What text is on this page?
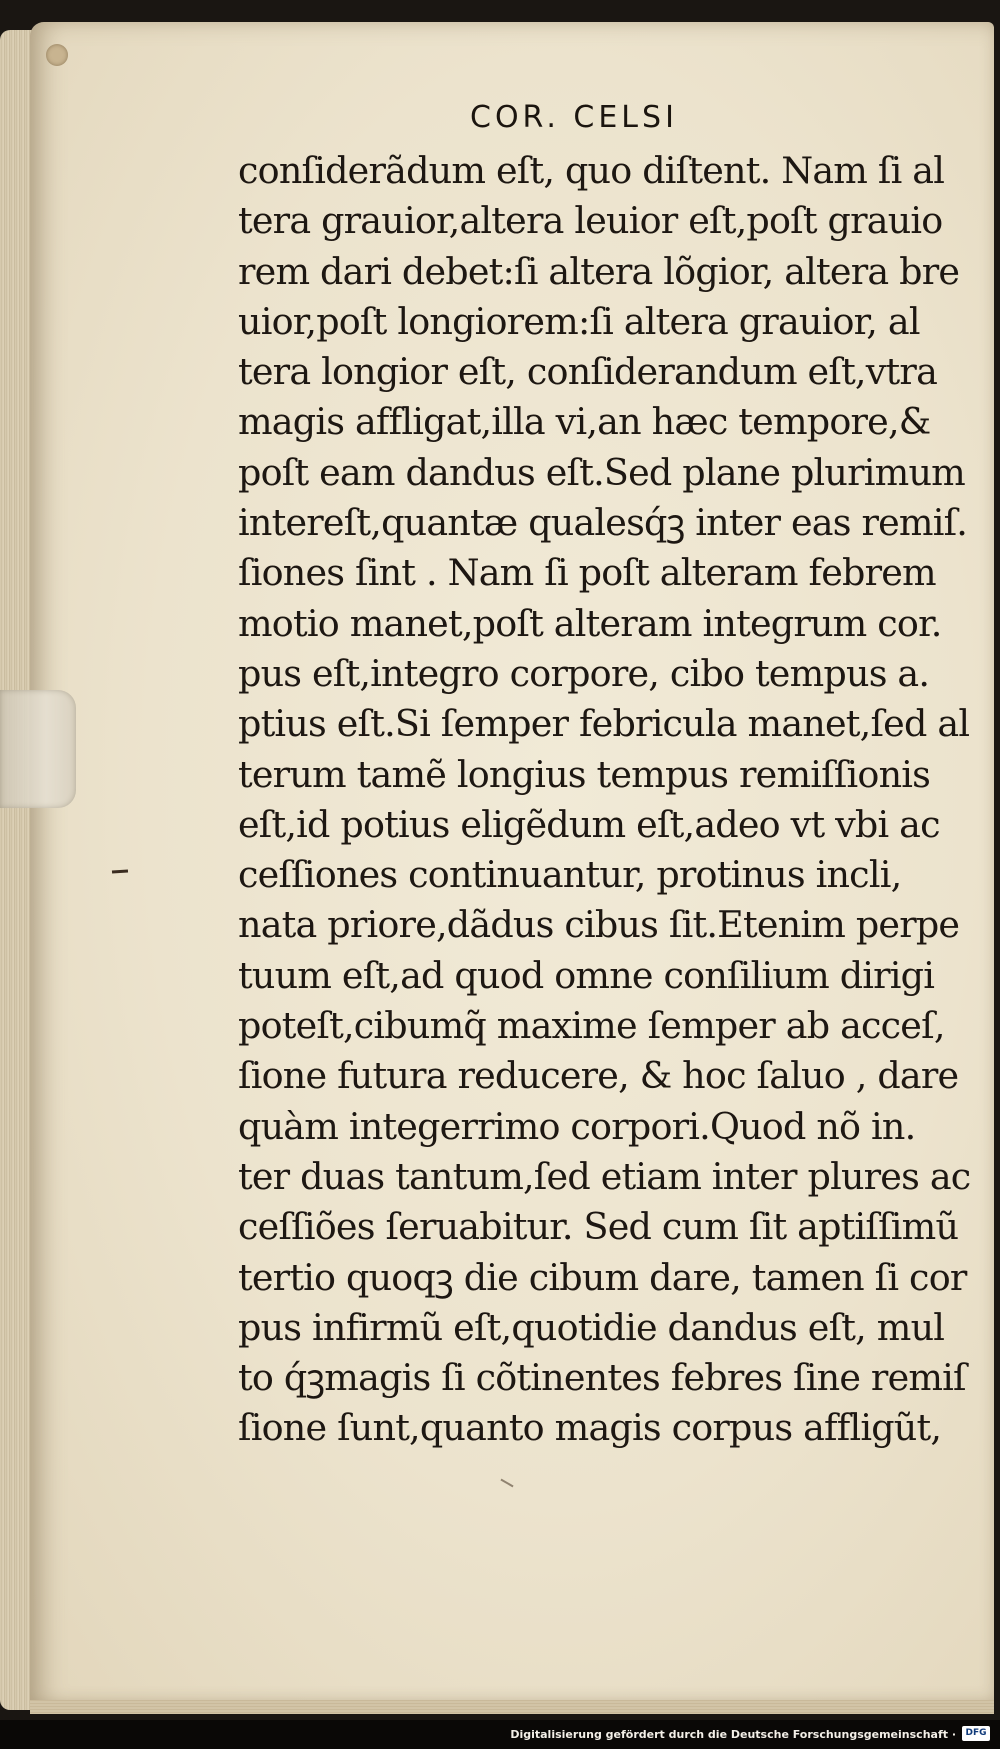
COR. CELSI
conſiderãdum eſt, quo diſtent. Nam ſi al
tera grauior,altera leuior eſt,poſt grauio
rem dari debet:ſi altera lõgior, altera bre
uior,poſt longiorem:ſi altera grauior, al
tera longior eſt, conſiderandum eſt,vtra
magis affligat,illa vi,an hæc tempore,&
poſt eam dandus eſt.Sed plane plurimum
intereſt,quantæ qualesq́ꝫ inter eas remiſ.
ſiones ſint . Nam ſi poſt alteram febrem
motio manet,poſt alteram integrum cor.
pus eſt,integro corpore, cibo tempus a.
ptius eſt.Si ſemper febricula manet,ſed al
terum tamẽ longius tempus remiſſionis
eſt,id potius eligẽdum eſt,adeo vt vbi ac
ceſſiones continuantur, protinus incli,
nata priore,dãdus cibus ſit.Etenim perpe
tuum eſt,ad quod omne conſilium dirigi
poteſt,cibumq̃ maxime ſemper ab acceſ,
ſione futura reducere, & hoc ſaluo , dare
quàm integerrimo corpori.Quod nõ in.
ter duas tantum,ſed etiam inter plures ac
ceſſiões ſeruabitur. Sed cum ſit aptiſſimũ
tertio quoqꝫ die cibum dare, tamen ſi cor
pus infirmũ eſt,quotidie dandus eſt, mul
to q́ꝫmagis ſi cõtinentes febres ſine remiſ
ſione ſunt,quanto magis corpus affligũt,
Digitalisierung gefördert durch die Deutsche Forschungsgemeinschaft ·	DFG
